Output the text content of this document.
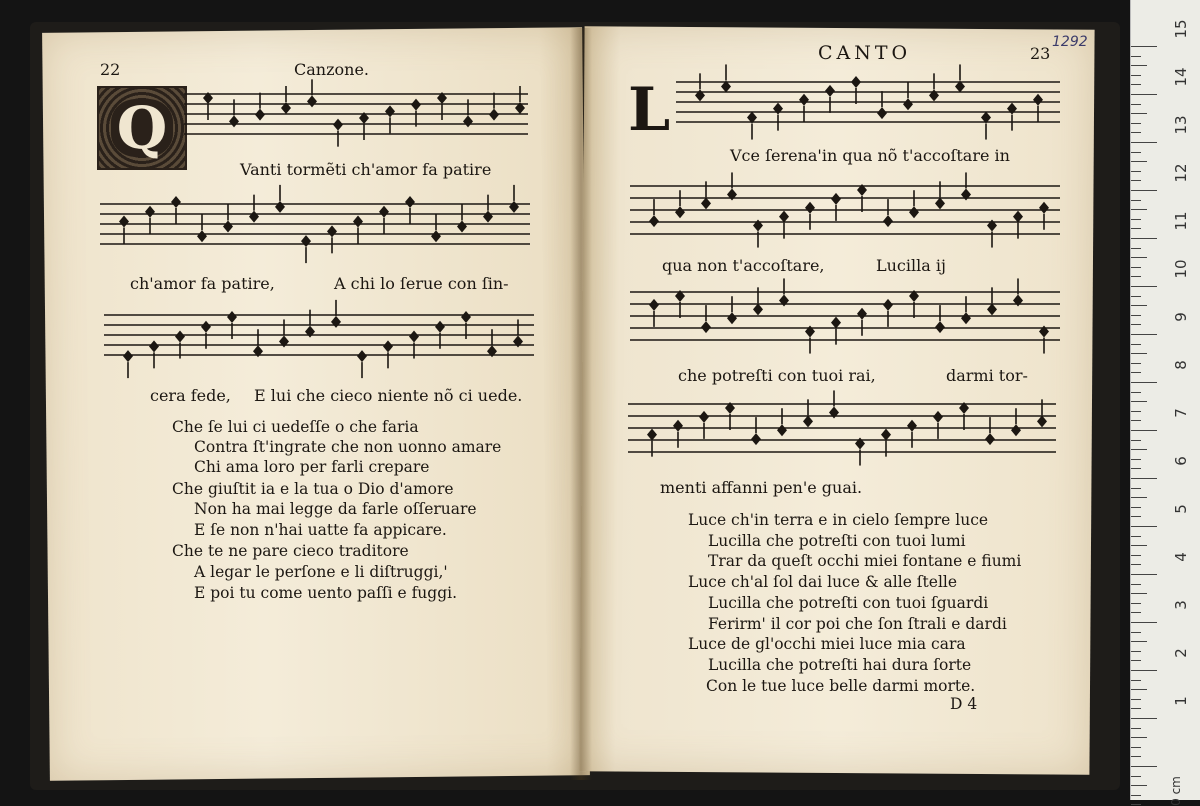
22	Canzone.
Q
Vanti tormẽti ch'amor fa patire
ch'amor fa patire,	A chi lo ſerue con ſin-
cera fede, E lui che cieco niente nõ ci uede.
Che ſe lui ci uedeſſe o che faria
Contra ſt'ingrate che non uonno amare
Chi ama loro per farli crepare
Che giuſtit ia e la tua o Dio d'amore
Non ha mai legge da farle oſſeruare
E ſe non n'hai uatte fa appicare.
Che te ne pare cieco traditore
A legar le perſone e li diſtruggi,'
E poi tu come uento paſſi e fuggi.
CANTO	23
1292
L
Vce ſerena'in qua nõ t'accoſtare in
qua non t'accoſtare,	Lucilla ij
che potreſti con tuoi rai,	darmi tor-
menti affanni pen'e guai.
Luce ch'in terra e in cielo ſempre luce
Lucilla che potreſti con tuoi lumi
Trar da queſt occhi miei fontane e fiumi
Luce ch'al ſol dai luce & alle ſtelle
Lucilla che potreſti con tuoi ſguardi
Ferirm' il cor poi che ſon ſtrali e dardi
Luce de gl'occhi miei luce mia cara
Lucilla che potreſti hai dura ſorte
Con le tue luce belle darmi morte.
D 4
0 cm
15
14
13
12
11
10
9
8
7
6
5
4
3
2
1
